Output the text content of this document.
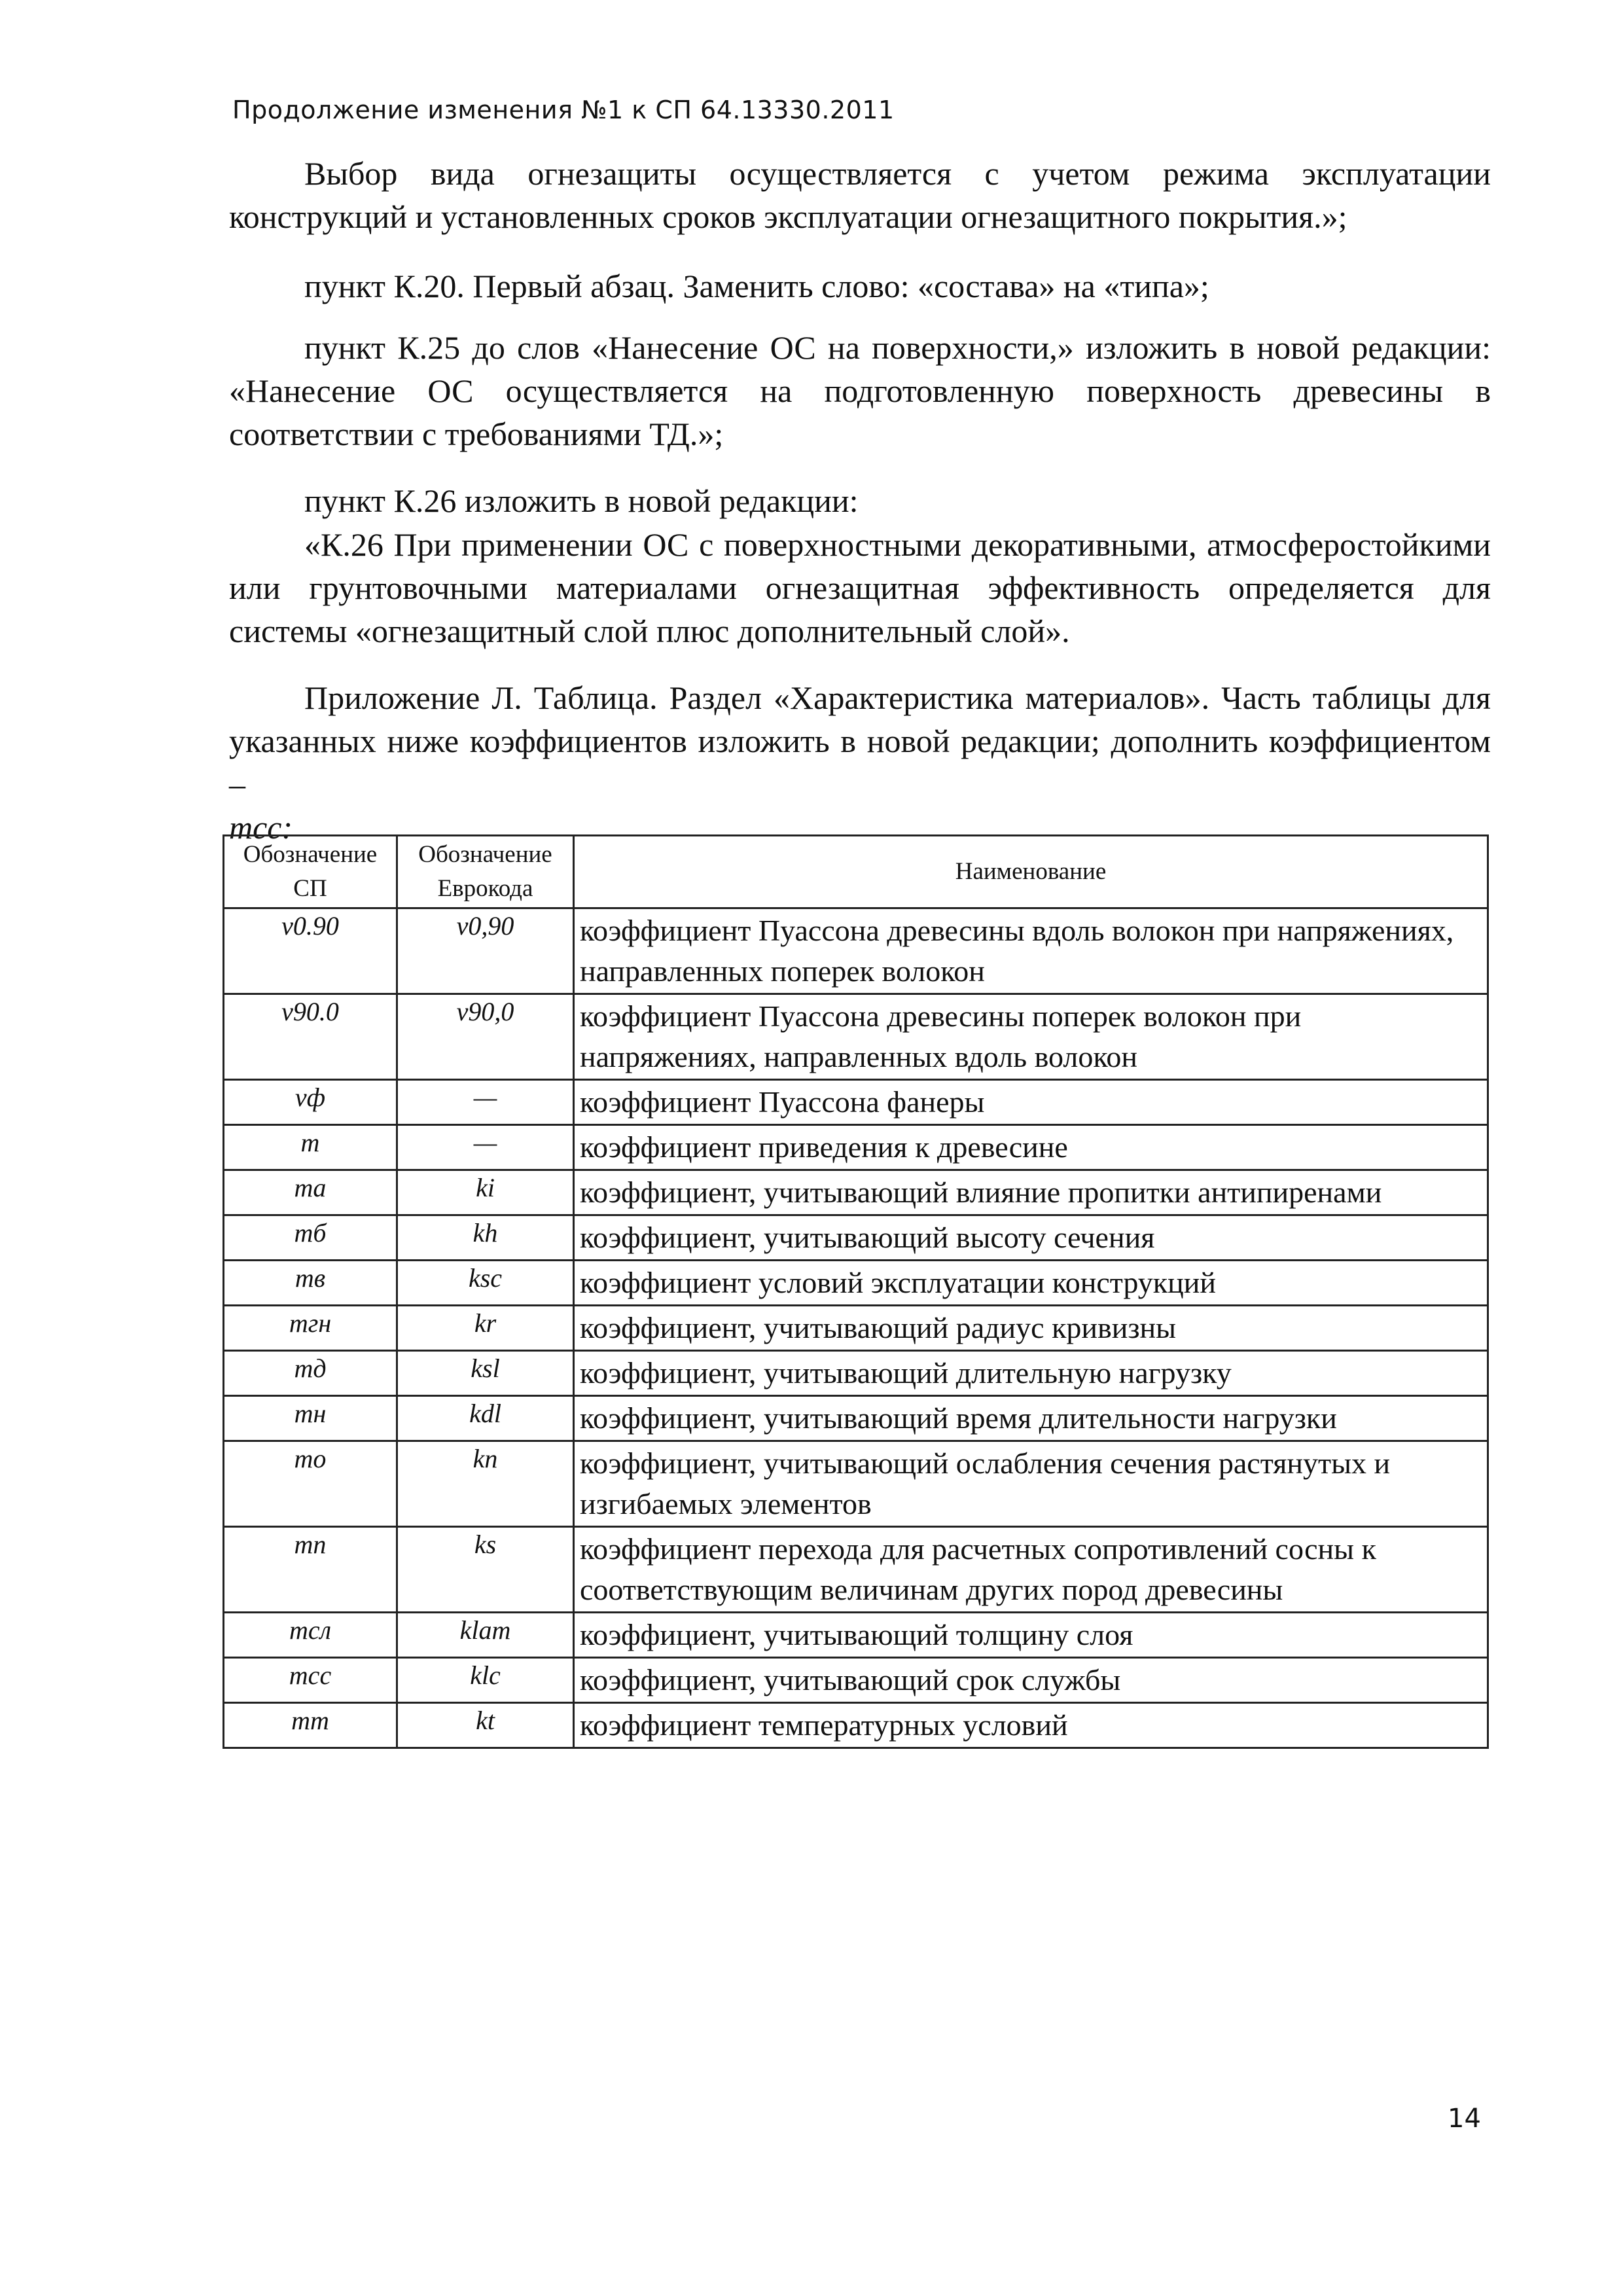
Продолжение изменения №1 к СП 64.13330.2011
Выбор вида огнезащиты осуществляется с учетом режима эксплуатации конструкций и установленных сроков эксплуатации огнезащитного покрытия.»;
пункт К.20. Первый абзац. Заменить слово: «состава» на «типа»;
пункт К.25 до слов «Нанесение ОС на поверхности,» изложить в новой редакции: «Нанесение ОС осуществляется на подготовленную поверхность древесины в соответствии с требованиями ТД.»;
пункт К.26 изложить в новой редакции:
«К.26 При применении ОС с поверхностными декоративными, атмосферостойкими или грунтовочными материалами огнезащитная эффективность определяется для системы «огнезащитный слой плюс дополнительный слой».
Приложение Л. Таблица. Раздел «Характеристика материалов». Часть таблицы для указанных ниже коэффициентов изложить в новой редакции; дополнить коэффициентом –
mсс:
Обозначение СП	Обозначение Еврокода	Наименование
ν0.90	ν0,90	коэффициент Пуассона древесины вдоль волокон при напряжениях, направленных поперек волокон
ν90.0	ν90,0	коэффициент Пуассона древесины поперек волокон при напряжениях, направленных вдоль волокон
νф	—	коэффициент Пуассона фанеры
m	—	коэффициент приведения к древесине
mа	ki	коэффициент, учитывающий влияние пропитки антипиренами
mб	kh	коэффициент, учитывающий высоту сечения
mв	ksc	коэффициент условий эксплуатации конструкций
mгн	kr	коэффициент, учитывающий радиус кривизны
mд	ksl	коэффициент, учитывающий длительную нагрузку
mн	kdl	коэффициент, учитывающий время длительности нагрузки
mо	kn	коэффициент, учитывающий ослабления сечения растянутых и изгибаемых элементов
mп	ks	коэффициент перехода для расчетных сопротивлений сосны к соответствующим величинам других пород древесины
mсл	klam	коэффициент, учитывающий толщину слоя
mсс	klc	коэффициент, учитывающий срок службы
mт	kt	коэффициент температурных условий
14
